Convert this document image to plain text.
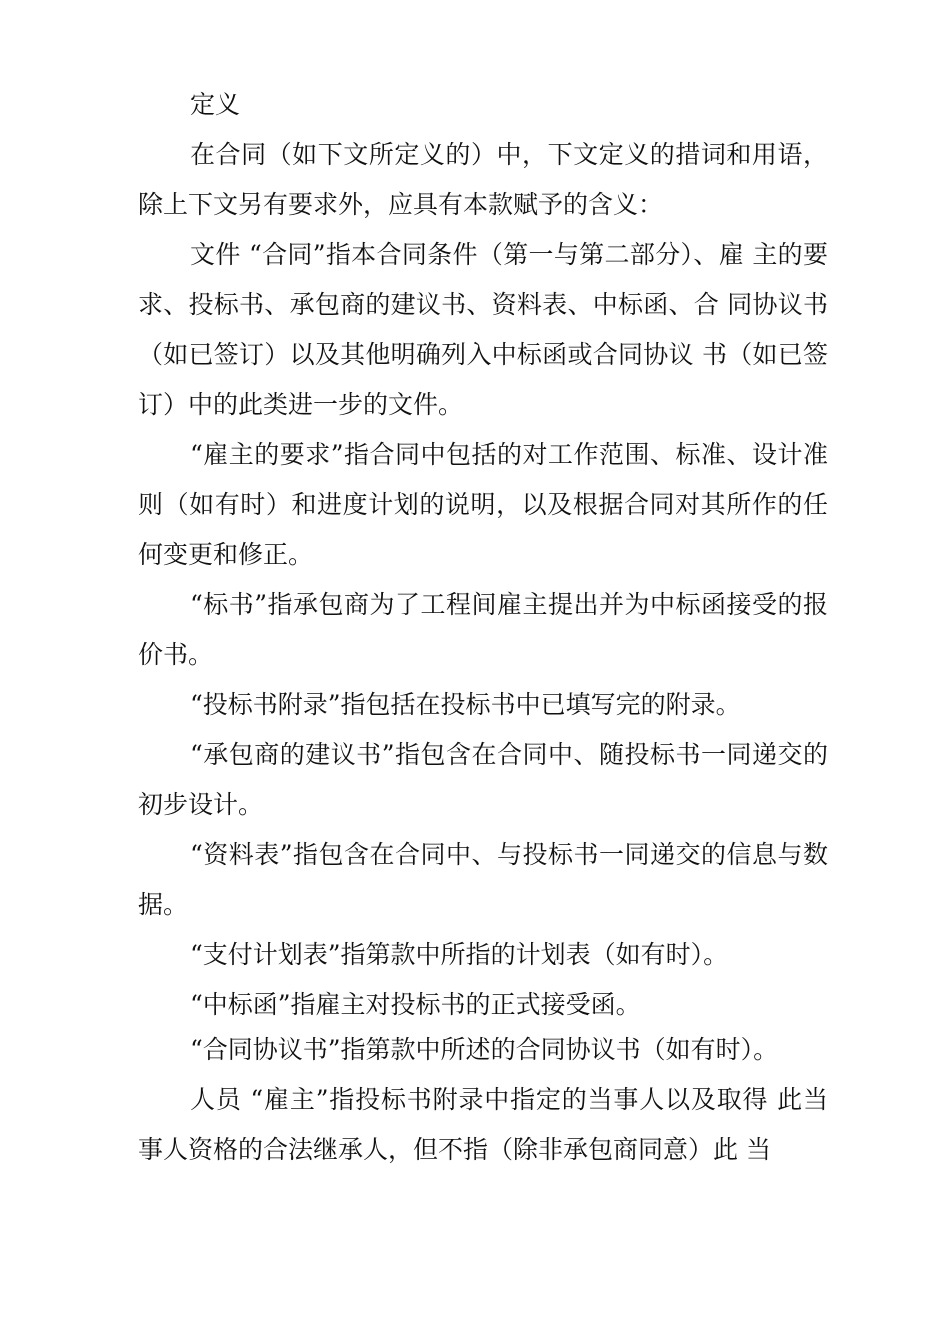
定义

在合同（如下文所定义的）中，下文定义的措词和用语，除上下文另有要求外，应具有本款赋予的含义：

文件 “合同”指本合同条件（第一与第二部分）、雇 主的要求、投标书、承包商的建议书、资料表、中标函、合 同协议书（如已签订）以及其他明确列入中标函或合同协议 书（如已签订）中的此类进一步的文件。

“雇主的要求”指合同中包括的对工作范围、标准、设计准则（如有时）和进度计划的说明，以及根据合同对其所作的任何变更和修正。

“标书”指承包商为了工程间雇主提出并为中标函接受的报价书。

“投标书附录”指包括在投标书中已填写完的附录。

“承包商的建议书”指包含在合同中、随投标书一同递交的初步设计。

“资料表”指包含在合同中、与投标书一同递交的信息与数据。

“支付计划表”指第款中所指的计划表（如有时）。

“中标函”指雇主对投标书的正式接受函。

“合同协议书”指第款中所述的合同协议书（如有时）。

人员 “雇主”指投标书附录中指定的当事人以及取得 此当事人资格的合法继承人，但不指（除非承包商同意）此 当
